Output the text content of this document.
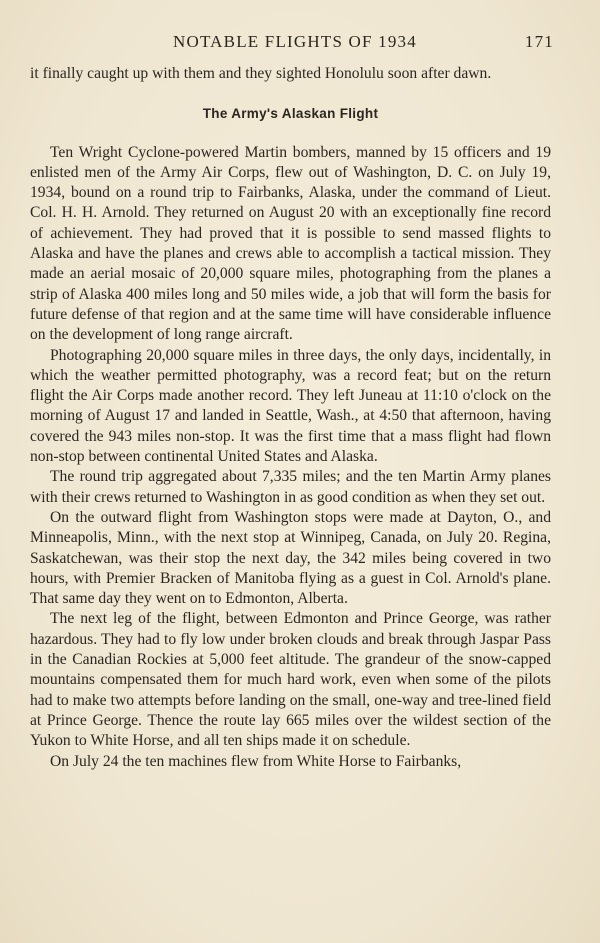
NOTABLE FLIGHTS OF 1934	171

it finally caught up with them and they sighted Honolulu soon after dawn.

The Army's Alaskan Flight

Ten Wright Cyclone-powered Martin bombers, manned by 15 officers and 19 enlisted men of the Army Air Corps, flew out of Washington, D. C. on July 19, 1934, bound on a round trip to Fairbanks, Alaska, under the command of Lieut. Col. H. H. Arnold. They returned on August 20 with an exceptionally fine record of achievement. They had proved that it is possible to send massed flights to Alaska and have the planes and crews able to accomplish a tactical mission. They made an aerial mosaic of 20,000 square miles, photographing from the planes a strip of Alaska 400 miles long and 50 miles wide, a job that will form the basis for future defense of that region and at the same time will have considerable influence on the development of long range aircraft.

Photographing 20,000 square miles in three days, the only days, incidentally, in which the weather permitted photography, was a record feat; but on the return flight the Air Corps made another record. They left Juneau at 11:10 o'clock on the morning of August 17 and landed in Seattle, Wash., at 4:50 that afternoon, having covered the 943 miles non-stop. It was the first time that a mass flight had flown non-stop between continental United States and Alaska.

The round trip aggregated about 7,335 miles; and the ten Martin Army planes with their crews returned to Washington in as good condition as when they set out.

On the outward flight from Washington stops were made at Dayton, O., and Minneapolis, Minn., with the next stop at Winnipeg, Canada, on July 20. Regina, Saskatchewan, was their stop the next day, the 342 miles being covered in two hours, with Premier Bracken of Manitoba flying as a guest in Col. Arnold's plane. That same day they went on to Edmonton, Alberta.

The next leg of the flight, between Edmonton and Prince George, was rather hazardous. They had to fly low under broken clouds and break through Jaspar Pass in the Canadian Rockies at 5,000 feet altitude. The grandeur of the snow-capped mountains compensated them for much hard work, even when some of the pilots had to make two attempts before landing on the small, one-way and tree-lined field at Prince George. Thence the route lay 665 miles over the wildest section of the Yukon to White Horse, and all ten ships made it on schedule.

On July 24 the ten machines flew from White Horse to Fairbanks,
